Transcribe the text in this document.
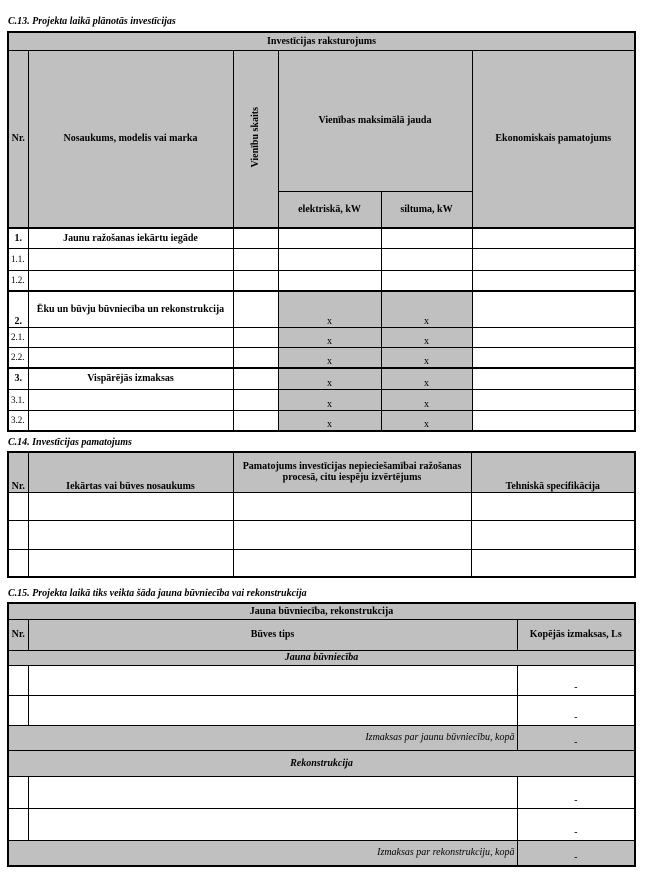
C.13. Projekta laikā plānotās investīcijas
Investīcijas raksturojums					
Nr.	Nosaukums, modelis vai marka	Vienību skaits	Vienības maksimālā jauda		Ekonomiskais pamatojums
			elektriskā, kW	siltuma, kW	
1.	Jaunu ražošanas iekārtu iegāde				
1.1.					
1.2.					
2.	Ēku un būvju būvniecība un rekonstrukcija		x	x	
2.1.			x	x	
2.2.			x	x	
3.	Vispārējās izmaksas		x	x	
3.1.			x	x	
3.2.			x	x	
C.14. Investīcijas pamatojums
Nr.	Iekārtas vai būves nosaukums	Pamatojums investīcijas nepieciešamībai ražošanas procesā, citu iespēju izvērtējums	Tehniskā specifikācija

C.15. Projekta laikā tiks veikta šāda jauna būvniecība vai rekonstrukcija
Jauna būvniecība, rekonstrukcija		
Nr.	Būves tips	Kopējās izmaksas, Ls
Jauna būvniecība		
		-
		-
Izmaksas par jaunu būvniecību, kopā		-
Rekonstrukcija		
		-
		-
Izmaksas par rekonstrukciju, kopā		-
